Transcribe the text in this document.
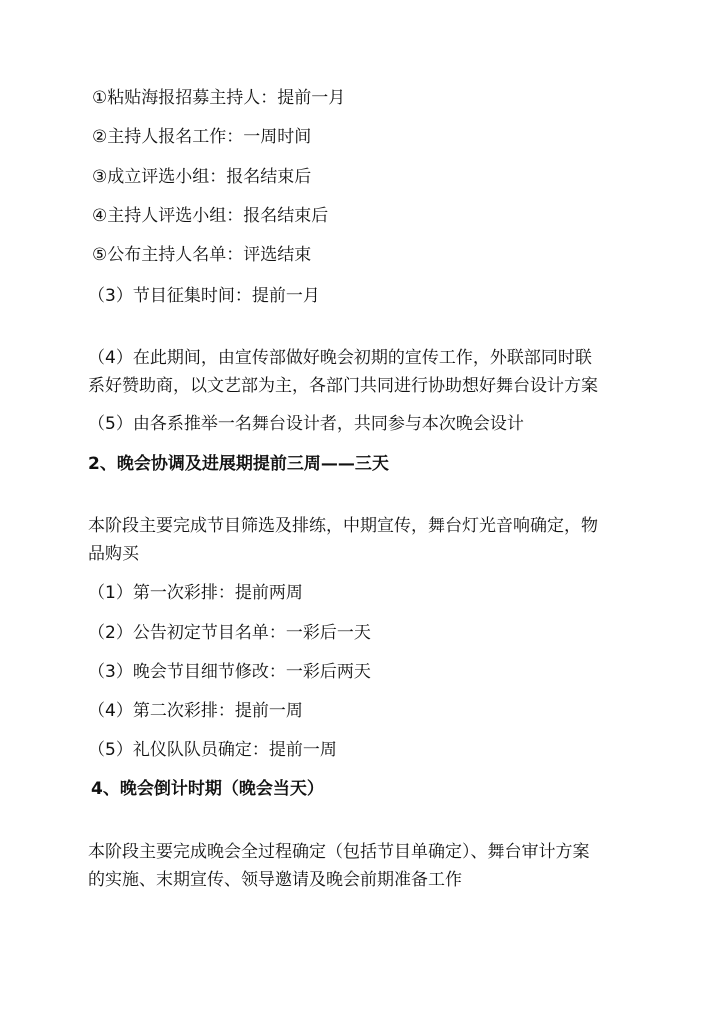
①粘贴海报招募主持人：提前一月
②主持人报名工作：一周时间
③成立评选小组：报名结束后
④主持人评选小组：报名结束后
⑤公布主持人名单：评选结束
（3）节目征集时间：提前一月
（4）在此期间，由宣传部做好晚会初期的宣传工作，外联部同时联
系好赞助商，以文艺部为主，各部门共同进行协助想好舞台设计方案
（5）由各系推举一名舞台设计者，共同参与本次晚会设计
2、晚会协调及进展期提前三周——三天
本阶段主要完成节目筛选及排练，中期宣传，舞台灯光音响确定，物
品购买
（1）第一次彩排：提前两周
（2）公告初定节目名单：一彩后一天
（3）晚会节目细节修改：一彩后两天
（4）第二次彩排：提前一周
（5）礼仪队队员确定：提前一周
4、晚会倒计时期（晚会当天）
本阶段主要完成晚会全过程确定（包括节目单确定）、舞台审计方案
的实施、末期宣传、领导邀请及晚会前期准备工作
